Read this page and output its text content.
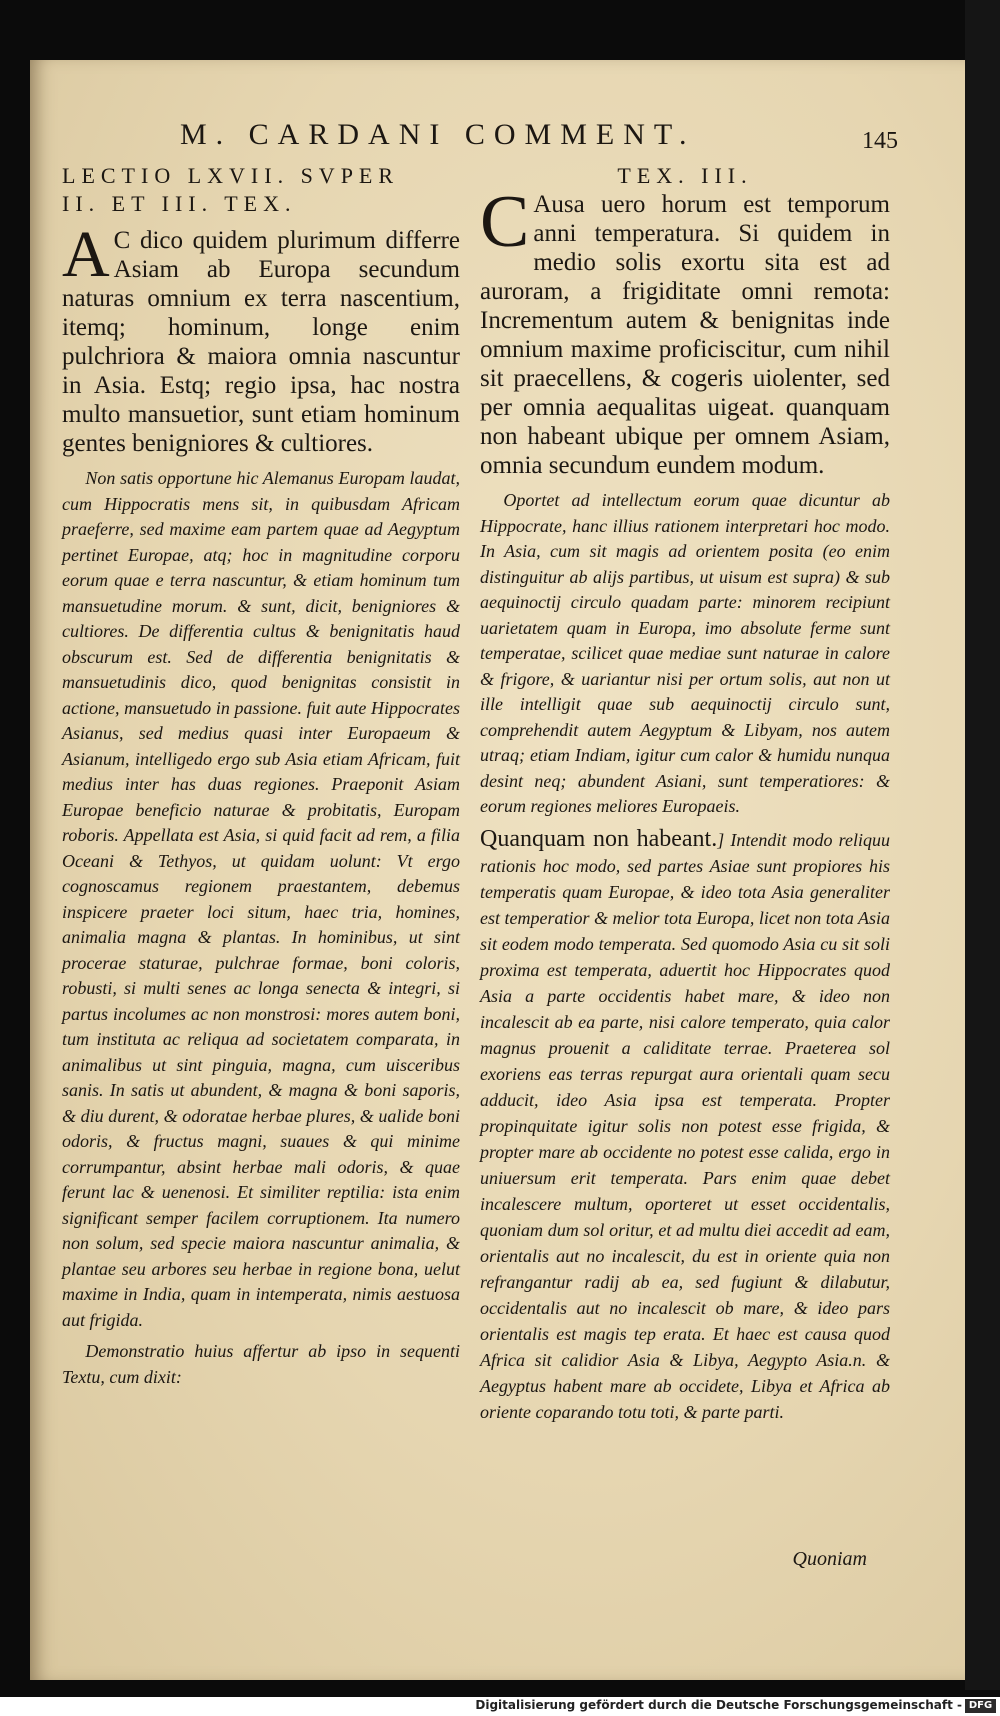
M. CARDANI COMMENT.	145
LECTIO LXVII. SVPER
II. ET III. TEX.

A C dico quidem plurimum differre Asiam ab Europa secundum naturas omnium ex terra nascentium, itemq; hominum, longe enim pulchriora & maiora omnia nascuntur in Asia. Estq; regio ipsa, hac nostra multo mansuetior, sunt etiam hominum gentes benigniores & cultiores.

Non satis opportune hic Alemanus Europam laudat, cum Hippocratis mens sit, in quibusdam Africam praeferre, sed maxime eam partem quae ad Aegyptum pertinet Europae, atq; hoc in magnitudine corporu eorum quae e terra nascuntur, & etiam hominum tum mansuetudine morum. & sunt, dicit, benigniores & cultiores. De differentia cultus & benignitatis haud obscurum est. Sed de differentia benignitatis & mansuetudinis dico, quod benignitas consistit in actione, mansuetudo in passione. fuit aute Hippocrates Asianus, sed medius quasi inter Europaeum & Asianum, intelligedo ergo sub Asia etiam Africam, fuit medius inter has duas regiones. Praeponit Asiam Europae beneficio naturae & probitatis, Europam roboris. Appellata est Asia, si quid facit ad rem, a filia Oceani & Tethyos, ut quidam uolunt: Vt ergo cognoscamus regionem praestantem, debemus inspicere praeter loci situm, haec tria, homines, animalia magna & plantas. In hominibus, ut sint procerae staturae, pulchrae formae, boni coloris, robusti, si multi senes ac longa senecta & integri, si partus incolumes ac non monstrosi: mores autem boni, tum instituta ac reliqua ad societatem comparata, in animalibus ut sint pinguia, magna, cum uisceribus sanis. In satis ut abundent, & magna & boni saporis, & diu durent, & odoratae herbae plures, & ualide boni odoris, & fructus magni, suaues & qui minime corrumpantur, absint herbae mali odoris, & quae ferunt lac & uenenosi. Et similiter reptilia: ista enim significant semper facilem corruptionem. Ita numero non solum, sed specie maiora nascuntur animalia, & plantae seu arbores seu herbae in regione bona, uelut maxime in India, quam in intemperata, nimis aestuosa aut frigida.

Demonstratio huius affertur ab ipso in sequenti Textu, cum dixit:

TEX. III.

C Ausa uero horum est temporum anni temperatura. Si quidem in medio solis exortu sita est ad auroram, a frigiditate omni remota: Incrementum autem & benignitas inde omnium maxime proficiscitur, cum nihil sit praecellens, & cogeris uiolenter, sed per omnia aequalitas uigeat. quanquam non habeant ubique per omnem Asiam, omnia secundum eundem modum.

Oportet ad intellectum eorum quae dicuntur ab Hippocrate, hanc illius rationem interpretari hoc modo. In Asia, cum sit magis ad orientem posita (eo enim distinguitur ab alijs partibus, ut uisum est supra) & sub aequinoctij circulo quadam parte: minorem recipiunt uarietatem quam in Europa, imo absolute ferme sunt temperatae, scilicet quae mediae sunt naturae in calore & frigore, & uariantur nisi per ortum solis, aut non ut ille intelligit quae sub aequinoctij circulo sunt, comprehendit autem Aegyptum & Libyam, nos autem utraq; etiam Indiam, igitur cum calor & humidu nunqua desint neq; abundent Asiani, sunt temperatiores: & eorum regiones meliores Europaeis.

Quanquam non habeant.] Intendit modo reliquu rationis hoc modo, sed partes Asiae sunt propiores his temperatis quam Europae, & ideo tota Asia generaliter est temperatior & melior tota Europa, licet non tota Asia sit eodem modo temperata. Sed quomodo Asia cu sit soli proxima est temperata, aduertit hoc Hippocrates quod Asia a parte occidentis habet mare, & ideo non incalescit ab ea parte, nisi calore temperato, quia calor magnus prouenit a caliditate terrae. Praeterea sol exoriens eas terras repurgat aura orientali quam secu adducit, ideo Asia ipsa est temperata. Propter propinquitate igitur solis non potest esse frigida, & propter mare ab occidente no potest esse calida, ergo in uniuersum erit temperata. Pars enim quae debet incalescere multum, oporteret ut esset occidentalis, quoniam dum sol oritur, et ad multu diei accedit ad eam, orientalis aut no incalescit, du est in oriente quia non refrangantur radij ab ea, sed fugiunt & dilabutur, occidentalis aut no incalescit ob mare, & ideo pars orientalis est magis tep erata. Et haec est causa quod Africa sit calidior Asia & Libya, Aegypto Asia.n. & Aegyptus habent mare ab occidete, Libya et Africa ab oriente coparando totu toti, & parte parti.

Quoniam
Digitalisierung gefördert durch die Deutsche Forschungsgemeinschaft - DFG
